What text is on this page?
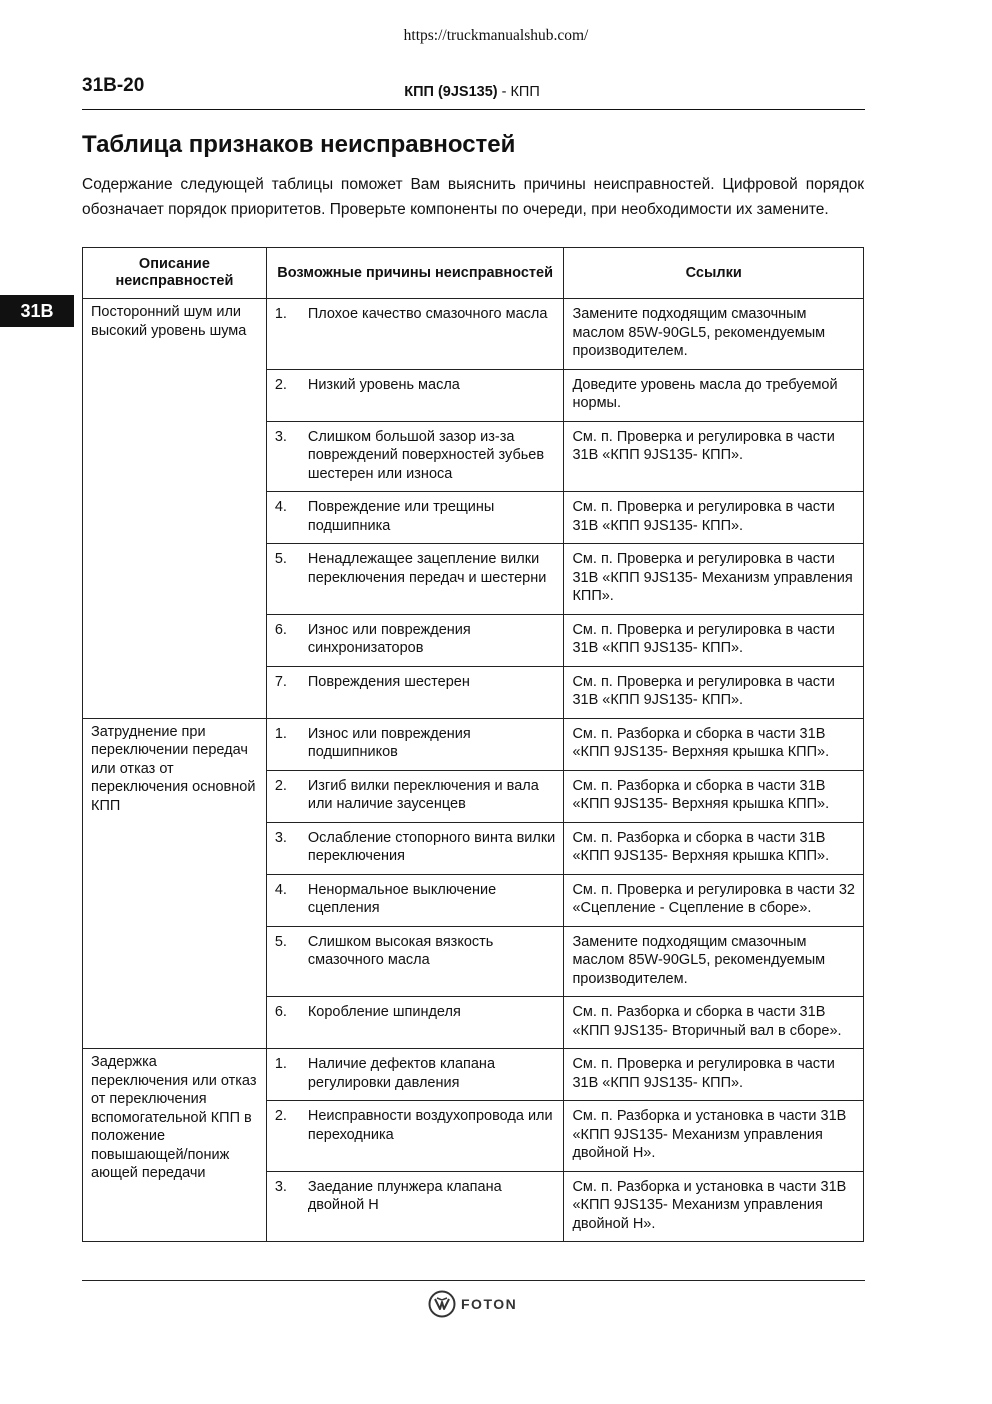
https://truckmanualshub.com/
31B-20	КПП (9JS135) - КПП
31B
Таблица признаков неисправностей

Содержание следующей таблицы поможет Вам выяснить причины неисправностей. Цифровой порядок обозначает порядок приоритетов. Проверьте компоненты по очереди, при необходимости их замените.

Описание неисправностей	Возможные причины неисправностей	Ссылки
Посторонний шум или высокий уровень шума	1. Плохое качество смазочного масла	Замените подходящим смазочным маслом 85W-90GL5, рекомендуемым производителем.

	2. Низкий уровень масла	Доведите уровень масла до требуемой нормы.

	3. Слишком большой зазор из-за повреждений поверхностей зубьев шестерен или износа	См. п. Проверка и регулировка в части 31B «КПП 9JS135- КПП».

	4. Повреждение или трещины подшипника	См. п. Проверка и регулировка в части 31B «КПП 9JS135- КПП».

	5. Ненадлежащее зацепление вилки переключения передач и шестерни	См. п. Проверка и регулировка в части 31B «КПП 9JS135- Механизм управления КПП».

	6. Износ или повреждения синхронизаторов	См. п. Проверка и регулировка в части 31B «КПП 9JS135- КПП».

	7. Повреждения шестерен	См. п. Проверка и регулировка в части 31B «КПП 9JS135- КПП».
Затруднение при переключении передач или отказ от переключения основной КПП	1. Износ или повреждения подшипников	См. п. Разборка и сборка в части 31B «КПП 9JS135- Верхняя крышка КПП».

	2. Изгиб вилки переключения и вала или наличие заусенцев	См. п. Разборка и сборка в части 31B «КПП 9JS135- Верхняя крышка КПП».

	3. Ослабление стопорного винта вилки переключения	См. п. Разборка и сборка в части 31B «КПП 9JS135- Верхняя крышка КПП».

	4. Ненормальное выключение сцепления	См. п. Проверка и регулировка в части 32 «Сцепление - Сцепление в сборе».

	5. Слишком высокая вязкость смазочного масла	Замените подходящим смазочным маслом 85W-90GL5, рекомендуемым производителем.

	6. Коробление шпинделя	См. п. Разборка и сборка в части 31B «КПП 9JS135- Вторичный вал в сборе».
Задержка переключения или отказ от переключения вспомогательной КПП в положение повышающей/пониж ающей передачи	1. Наличие дефектов клапана регулировки давления	См. п. Проверка и регулировка в части 31B «КПП 9JS135- КПП».

	2. Неисправности воздухопровода или переходника	См. п. Разборка и установка в части 31B «КПП 9JS135- Механизм управления двойной H».

	3. Заедание плунжера клапана двойной H	См. п. Разборка и установка в части 31B «КПП 9JS135- Механизм управления двойной H».
FOTON
